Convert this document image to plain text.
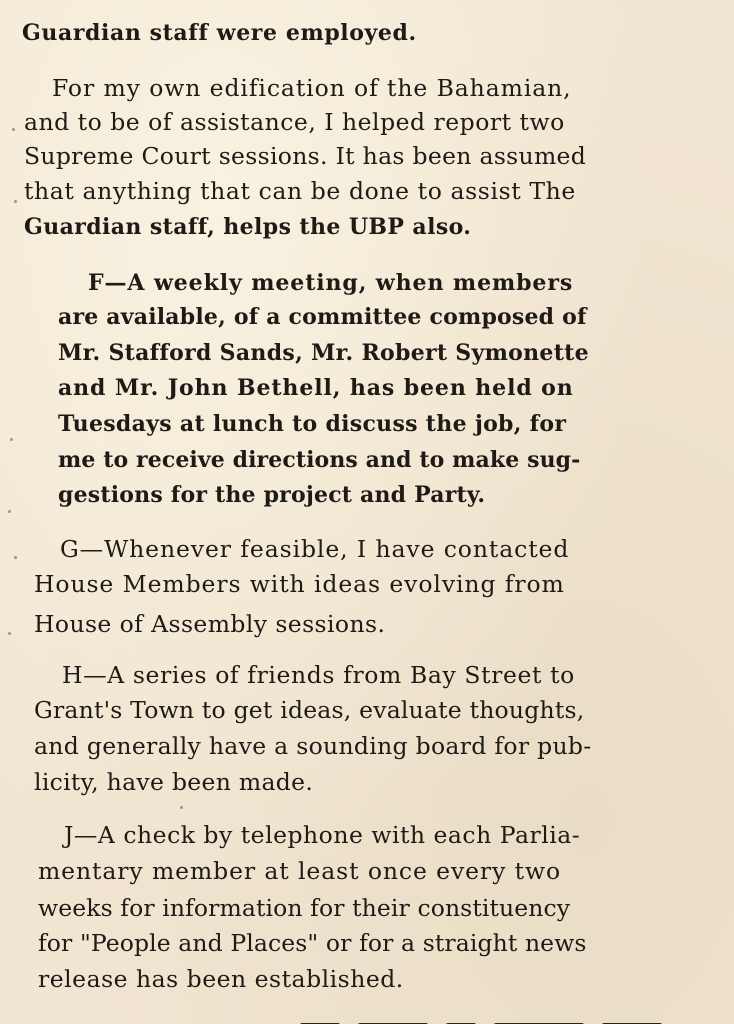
Guardian staff were employed.
For my own edification of the Bahamian,
and to be of assistance, I helped report two
Supreme Court sessions. It has been assumed
that anything that can be done to assist The
Guardian staff, helps the UBP also.
F—A weekly meeting, when members
are available, of a committee composed of
Mr. Stafford Sands, Mr. Robert Symonette
and Mr. John Bethell, has been held on
Tuesdays at lunch to discuss the job, for
me to receive directions and to make sug-
gestions for the project and Party.
G—Whenever feasible, I have contacted
House Members with ideas evolving from
House of Assembly sessions.
H—A series of friends from Bay Street to
Grant's Town to get ideas, evaluate thoughts,
and generally have a sounding board for pub-
licity, have been made.
J—A check by telephone with each Parlia-
mentary member at least once every two
weeks for information for their constituency
for "People and Places" or for a straight news
release has been established.
